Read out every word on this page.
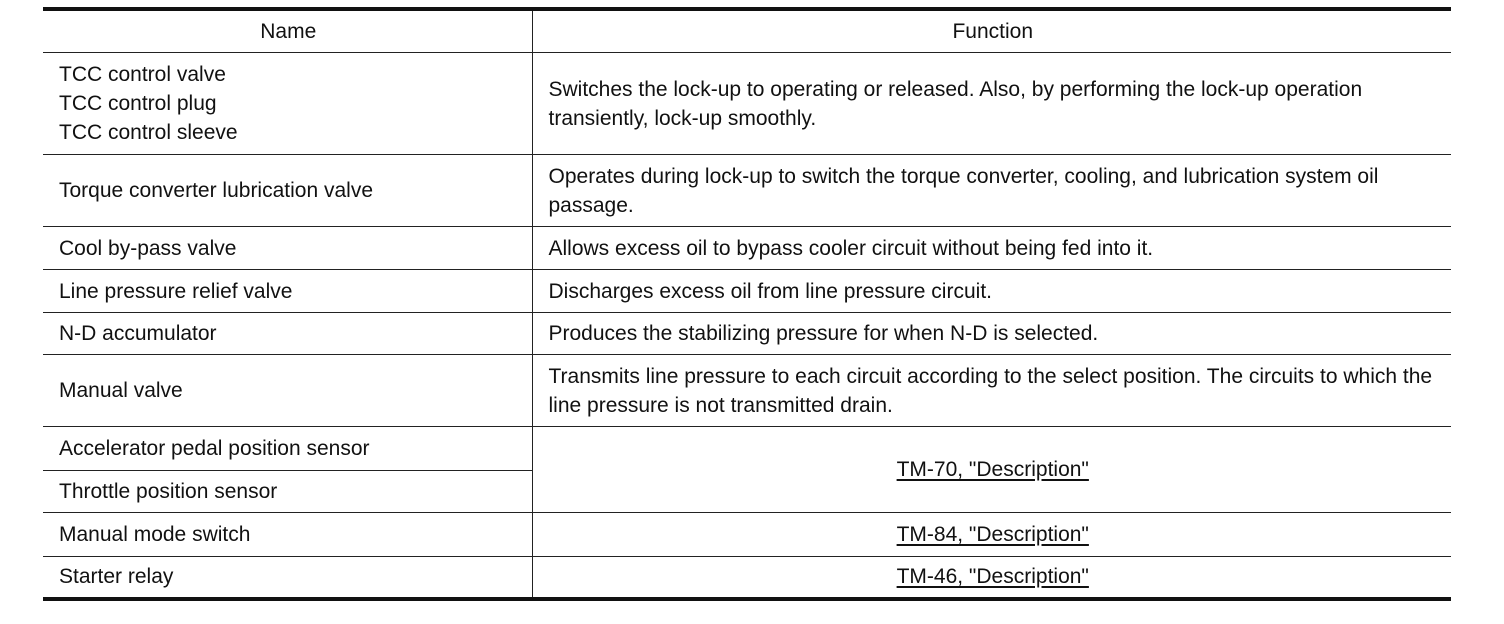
Name	Function

TCC control valve
TCC control plug
TCC control sleeve	Switches the lock-up to operating or released. Also, by performing the lock-up operation transiently, lock-up smoothly.
Torque converter lubrication valve	Operates during lock-up to switch the torque converter, cooling, and lubrication system oil passage.
Cool by-pass valve	Allows excess oil to bypass cooler circuit without being fed into it.
Line pressure relief valve	Discharges excess oil from line pressure circuit.
N-D accumulator	Produces the stabilizing pressure for when N-D is selected.
Manual valve	Transmits line pressure to each circuit according to the select position. The circuits to which the line pressure is not transmitted drain.
Accelerator pedal position sensor	TM-70, "Description"
Throttle position sensor	
Manual mode switch	TM-84, "Description"
Starter relay	TM-46, "Description"
